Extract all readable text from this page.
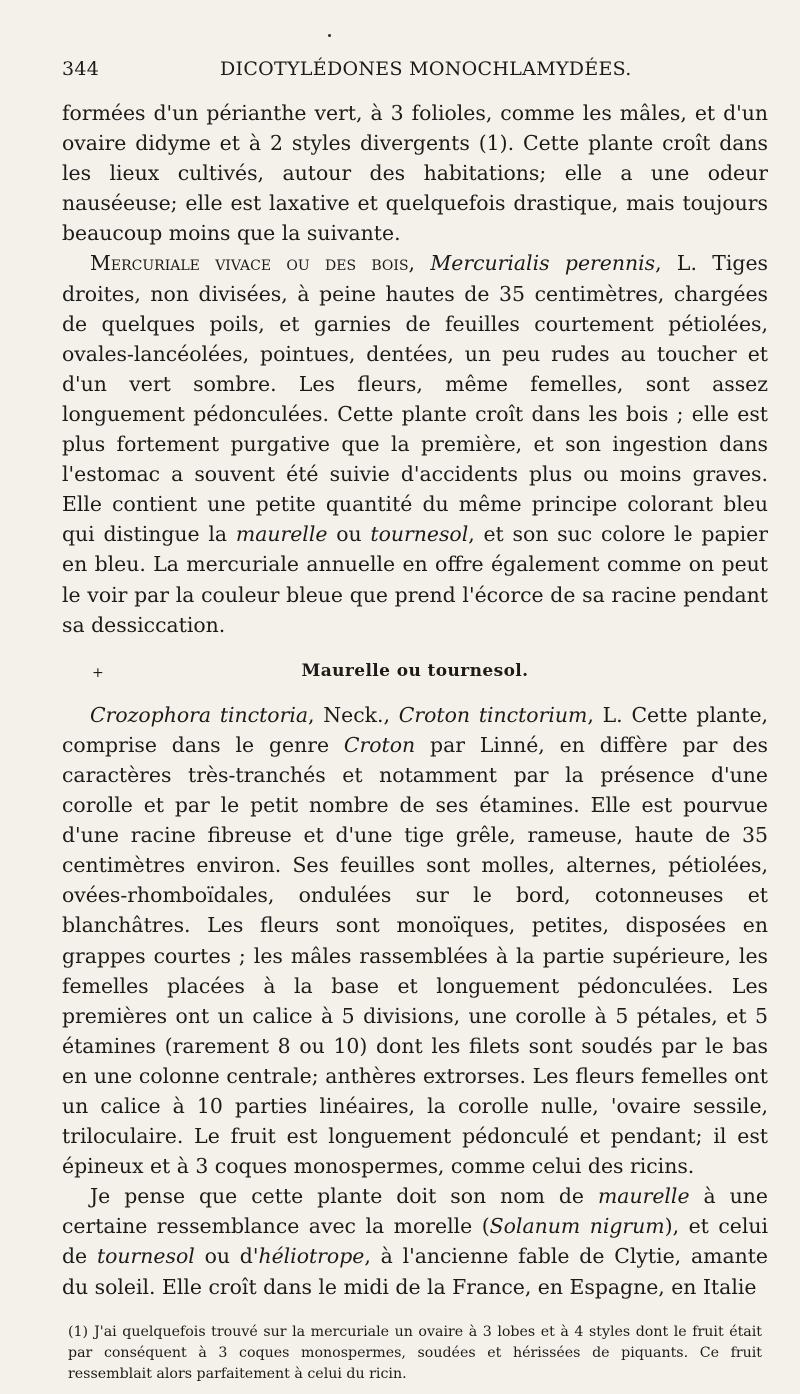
344	DICOTYLÉDONES MONOCHLAMYDÉES.

formées d'un périanthe vert, à 3 folioles, comme les mâles, et d'un ovaire didyme et à 2 styles divergents (1). Cette plante croît dans les lieux cultivés, autour des habitations; elle a une odeur nauséeuse; elle est laxative et quelquefois drastique, mais toujours beaucoup moins que la suivante.

Mercuriale vivace ou des bois, Mercurialis perennis, L. Tiges droites, non divisées, à peine hautes de 35 centimètres, chargées de quelques poils, et garnies de feuilles courtement pétiolées, ovales-lancéolées, pointues, dentées, un peu rudes au toucher et d'un vert sombre. Les fleurs, même femelles, sont assez longuement pédonculées. Cette plante croît dans les bois ; elle est plus fortement purgative que la première, et son ingestion dans l'estomac a souvent été suivie d'accidents plus ou moins graves. Elle contient une petite quantité du même principe colorant bleu qui distingue la maurelle ou tournesol, et son suc colore le papier en bleu. La mercuriale annuelle en offre également comme on peut le voir par la couleur bleue que prend l'écorce de sa racine pendant sa dessiccation.

+	Maurelle ou tournesol.

Crozophora tinctoria, Neck., Croton tinctorium, L. Cette plante, comprise dans le genre Croton par Linné, en diffère par des caractères très-tranchés et notamment par la présence d'une corolle et par le petit nombre de ses étamines. Elle est pourvue d'une racine fibreuse et d'une tige grêle, rameuse, haute de 35 centimètres environ. Ses feuilles sont molles, alternes, pétiolées, ovées-rhomboïdales, ondulées sur le bord, cotonneuses et blanchâtres. Les fleurs sont monoïques, petites, disposées en grappes courtes ; les mâles rassemblées à la partie supérieure, les femelles placées à la base et longuement pédonculées. Les premières ont un calice à 5 divisions, une corolle à 5 pétales, et 5 étamines (rarement 8 ou 10) dont les filets sont soudés par le bas en une colonne centrale; anthères extrorses. Les fleurs femelles ont un calice à 10 parties linéaires, la corolle nulle, 'ovaire sessile, triloculaire. Le fruit est longuement pédonculé et pendant; il est épineux et à 3 coques monospermes, comme celui des ricins.

Je pense que cette plante doit son nom de maurelle à une certaine ressemblance avec la morelle (Solanum nigrum), et celui de tournesol ou d'héliotrope, à l'ancienne fable de Clytie, amante du soleil. Elle croît dans le midi de la France, en Espagne, en Italie

(1) J'ai quelquefois trouvé sur la mercuriale un ovaire à 3 lobes et à 4 styles dont le fruit était par conséquent à 3 coques monospermes, soudées et hérissées de piquants. Ce fruit ressemblait alors parfaitement à celui du ricin.
